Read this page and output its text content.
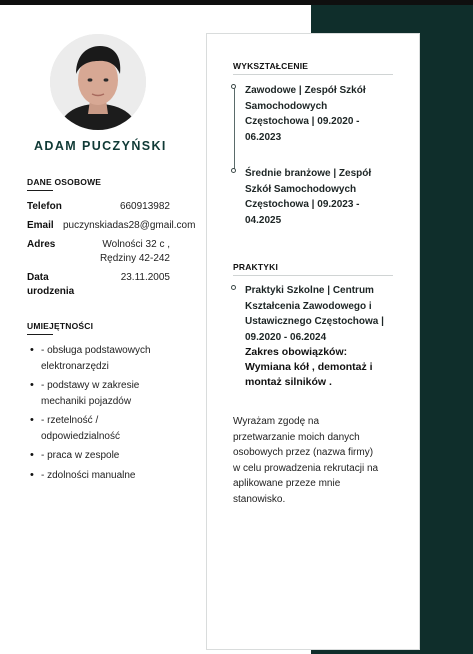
ADAM PUCZYŃSKI
DANE OSOBOWE
Telefon	660913982
Email puczynskiadas28@gmail.com
Adres	Wolności 32 c ,
Rędziny 42-242
Data
urodzenia
23.11.2005
UMIEJĘTNOŚCI
• - obsługa podstawowych
elektronarzędzi
• - podstawy w zakresie
mechaniki pojazdów
• - rzetelność /
odpowiedzialność
• - praca w zespole
• - zdolności manualne
WYKSZTAŁCENIE
Zawodowe | Zespół Szkół
Samochodowych
Częstochowa | 09.2020 -
06.2023
Średnie branżowe | Zespół
Szkół Samochodowych
Częstochowa | 09.2023 -
04.2025
PRAKTYKI
Praktyki Szkolne | Centrum
Kształcenia Zawodowego i
Ustawicznego Częstochowa |
09.2020 - 06.2024
Zakres obowiązków:
Wymiana kół , demontaż i
montaż silników .
Wyrażam zgodę na
przetwarzanie moich danych
osobowych przez (nazwa firmy)
w celu prowadzenia rekrutacji na
aplikowane przeze mnie
stanowisko.
